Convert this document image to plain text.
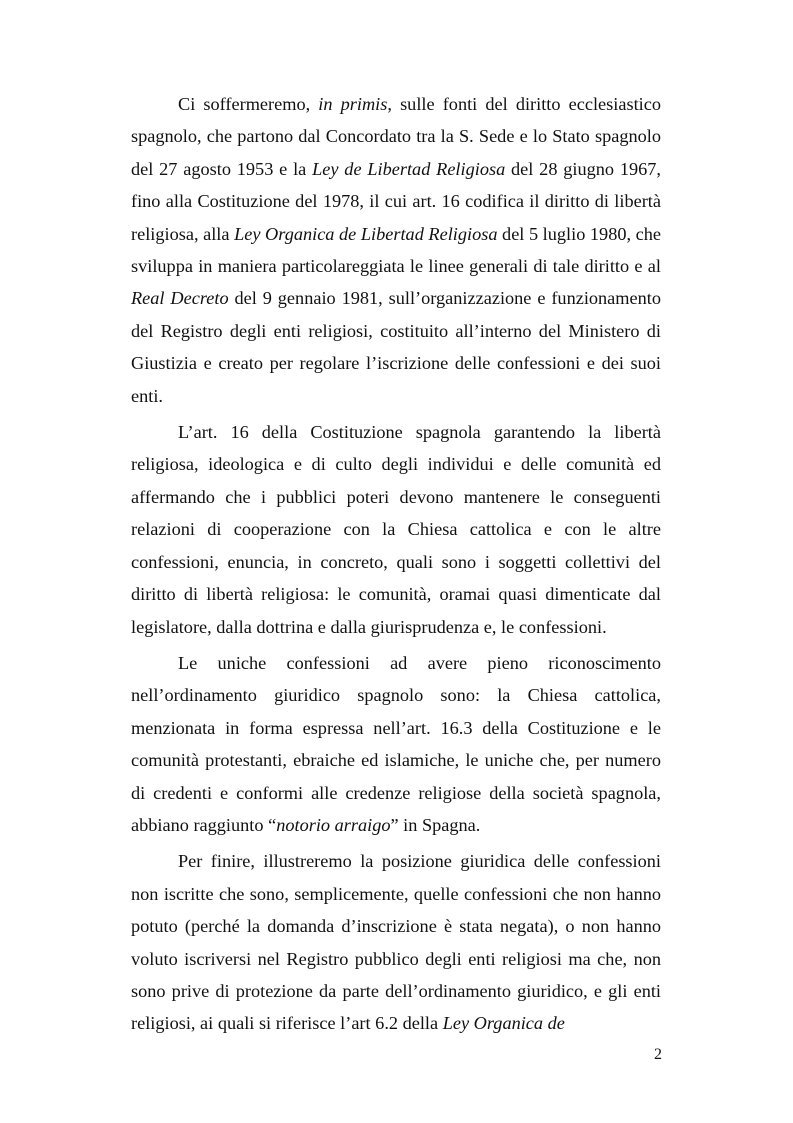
Ci soffermeremo, in primis, sulle fonti del diritto ecclesiastico spagnolo, che partono dal Concordato tra la S. Sede e lo Stato spagnolo del 27 agosto 1953 e la Ley de Libertad Religiosa del 28 giugno 1967, fino alla Costituzione del 1978, il cui art. 16 codifica il diritto di libertà religiosa, alla Ley Organica de Libertad Religiosa del 5 luglio 1980, che sviluppa in maniera particolareggiata le linee generali di tale diritto e al Real Decreto del 9 gennaio 1981, sull’organizzazione e funzionamento del Registro degli enti religiosi, costituito all’interno del Ministero di Giustizia e creato per regolare l’iscrizione delle confessioni e dei suoi enti.

L’art. 16 della Costituzione spagnola garantendo la libertà religiosa, ideologica e di culto degli individui e delle comunità ed affermando che i pubblici poteri devono mantenere le conseguenti relazioni di cooperazione con la Chiesa cattolica e con le altre confessioni, enuncia, in concreto, quali sono i soggetti collettivi del diritto di libertà religiosa: le comunità, oramai quasi dimenticate dal legislatore, dalla dottrina e dalla giurisprudenza e, le confessioni.

Le uniche confessioni ad avere pieno riconoscimento nell’ordinamento giuridico spagnolo sono: la Chiesa cattolica, menzionata in forma espressa nell’art. 16.3 della Costituzione e le comunità protestanti, ebraiche ed islamiche, le uniche che, per numero di credenti e conformi alle credenze religiose della società spagnola, abbiano raggiunto “notorio arraigo” in Spagna.

Per finire, illustreremo la posizione giuridica delle confessioni non iscritte che sono, semplicemente, quelle confessioni che non hanno potuto (perché la domanda d’inscrizione è stata negata), o non hanno voluto iscriversi nel Registro pubblico degli enti religiosi ma che, non sono prive di protezione da parte dell’ordinamento giuridico, e gli enti religiosi, ai quali si riferisce l’art 6.2 della Ley Organica de

2
